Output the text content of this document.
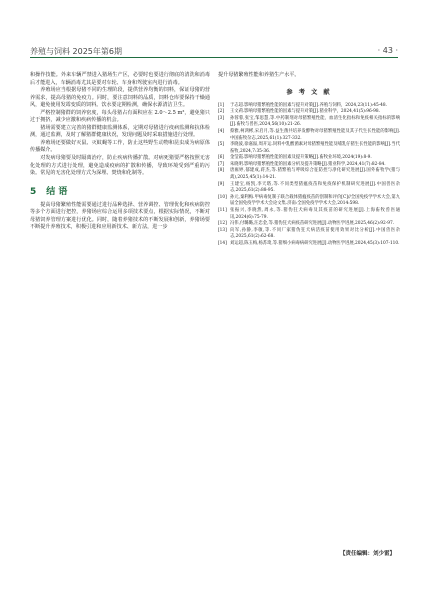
养殖与饲料 2025年第6期	· 43 ·

和操作技能。外来车辆严禁进入猪场生产区，必要时也要进行彻底的清洗和消毒后才能进入，车辆消毒尤其是要对车轮、车身和驾驶室内进行消毒。

养殖场应当根据母猪不同的生理阶段，提供营养均衡的饲料，保证母猪的营养需求，提高母猪的免疫力。同时，要注意饲料的品质，饲料仓库要保持干燥通风，避免使用发霉变质的饲料。饮水要定期检测，确保水源清洁卫生。

严格控制猪群的饲养密度，每头母猪占有面积应在 2.0～2.5 m²，避免猪只过于拥挤，减少应激和疾病传播的机会。

猪场需要建立完善的猪群健康监测体系，定期对母猪进行疫病监测和抗体检测，通过监测，及时了解猪群健康状况，发现问题及时采取措施进行处理。

养殖场还要做好灭鼠、灭蚊蝇等工作，防止这些野生动物和昆虫成为病原体传播媒介。

对发病母猪要及时隔离治疗，防止疾病传播扩散。对病死猪要严格按照无害化处理的方式进行处理，避免造成疫病的扩散和传播，导致环境受到严重的污染。常见的无害化处理方式为深埋、焚烧和化制等。

5 结 语

提高母猪繁殖性能需要通过进行品种选择、营养调控、管理优化和疾病防控等多个方面进行把控，养猪场应综合运用多项技术要点，根据实际情况，不断对母猪饲养管理方案进行优化。同时，随着养猪技术的不断发展和创新，养猪场要不断提升养殖技术，积极引进和应用新技术、新方法，进一步

提升母猪繁殖性能和养猪生产水平。

参 考 文 献
[1]	于志超.影响母猪繁殖性能的因素与提升对策[J].养殖与饲料，2024,23(11):45-48.
[2]	王文莉.影响母猪繁殖性能的因素与提升对策[J].猪业科学，2024,41(5):96-98.
[3]	孙蓉蓉,张宝,邹思慧,等.中药制剂对母猪繁殖性能、血清生化指标和免疫相关指标的影响[J].畜牧与兽医,2024,56(10):21-26.
[4]	蔡雅,柯鸿彬,宋启月,等.益生菌共培养发酵物对母猪繁殖性能及其子代生长性能的影响[J].中国畜牧杂志,2025,61(1):327-332.
[5]	李晓波,徐嘉溢,周开运.饲料中乳酸菌素对母猪繁殖性能及哺乳仔猪生长性能的影响[J].当代畜牧,2024,7:35-36.
[6]	金莹霞.影响母猪繁殖性能的因素及提升策略[J].畜牧业环境,2024(19):8-9.
[7]	朱晓明.影响母猪繁殖性能的因素分析及提升策略[J].猪业科学,2024,41(7):82-84.
[8]	唐雍婷,郁建成,蒋杰,等.猪繁殖与呼吸综合征防控与净化研究进展[J].国外畜牧学(猪与禽),2025,45(1):14-21.
[9]	王建宝,杨凯,李天塔,等.不同类型猪瘟疫苗和免疫保护机制研究进展[J].中国兽医杂志,2025,61(2):88-95.
[10] 孙元,秦利梅.甲病毒复制子联合载体猪瘟疫苗的创制和评价[C]//全国免疫学学术大会,第九届全国免疫学学术大会论文集.济南:全国免疫学学术大会,2014:598.
[11] 张振兴,李晓然,周永,等.猪伪狂犬病毒及其疫苗的研究进展[J].上海畜牧兽医通讯,2024(6):75-79.
[12] 冯伟,付璐璐,汪忠金,等.猪伪狂犬病疫苗研究进展[J].动物医学进展,2025,46(2):92-97.
[13] 向军,孙静,李敏,等.不同厂家猪伪狂犬病活疫苗使用效果对比分析[J].中国兽医杂志,2025,61(2):62-68.
[14] 刘运超,陈玉梅,杨苏琦,等.猪细小病毒病研究进展[J].动物医学进展,2024,45(3):107-110.
【责任编辑：刘少雷】
